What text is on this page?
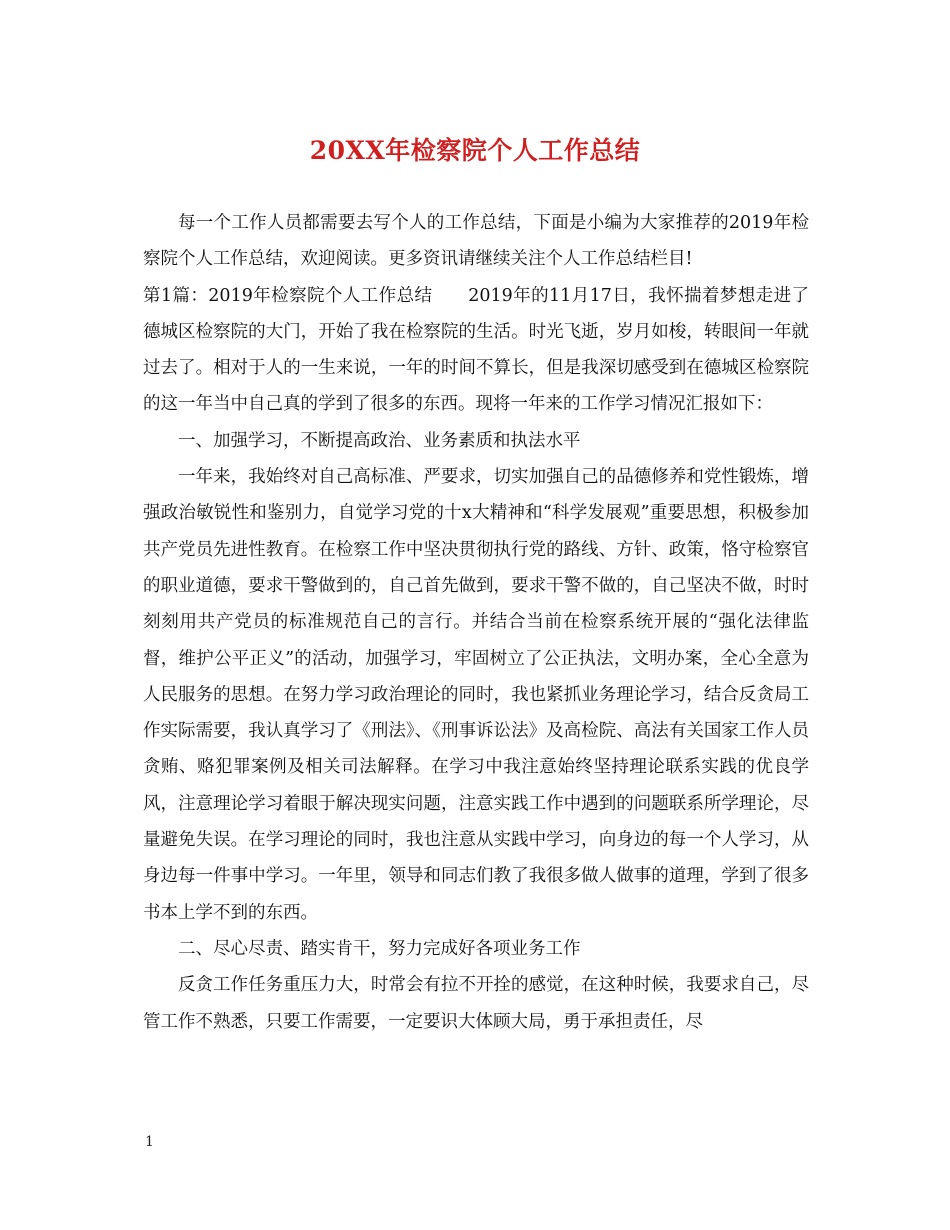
20XX年检察院个人工作总结

每一个工作人员都需要去写个人的工作总结，下面是小编为大家推荐的2019年检察院个人工作总结，欢迎阅读。更多资讯请继续关注个人工作总结栏目!

第1篇：2019年检察院个人工作总结　　2019年的11月17日，我怀揣着梦想走进了德城区检察院的大门，开始了我在检察院的生活。时光飞逝，岁月如梭，转眼间一年就过去了。相对于人的一生来说，一年的时间不算长，但是我深切感受到在德城区检察院的这一年当中自己真的学到了很多的东西。现将一年来的工作学习情况汇报如下：

一、加强学习，不断提高政治、业务素质和执法水平

一年来，我始终对自己高标准、严要求，切实加强自己的品德修养和党性锻炼，增强政治敏锐性和鉴别力，自觉学习党的十x大精神和“科学发展观”重要思想，积极参加共产党员先进性教育。在检察工作中坚决贯彻执行党的路线、方针、政策，恪守检察官的职业道德，要求干警做到的，自己首先做到，要求干警不做的，自己坚决不做，时时刻刻用共产党员的标准规范自己的言行。并结合当前在检察系统开展的“强化法律监督，维护公平正义”的活动，加强学习，牢固树立了公正执法，文明办案，全心全意为人民服务的思想。在努力学习政治理论的同时，我也紧抓业务理论学习，结合反贪局工作实际需要，我认真学习了《刑法》、《刑事诉讼法》及高检院、高法有关国家工作人员贪贿、赂犯罪案例及相关司法解释。在学习中我注意始终坚持理论联系实践的优良学风，注意理论学习着眼于解决现实问题，注意实践工作中遇到的问题联系所学理论，尽量避免失误。在学习理论的同时，我也注意从实践中学习，向身边的每一个人学习，从身边每一件事中学习。一年里，领导和同志们教了我很多做人做事的道理，学到了很多书本上学不到的东西。

二、尽心尽责、踏实肯干，努力完成好各项业务工作

反贪工作任务重压力大，时常会有拉不开拴的感觉，在这种时候，我要求自己，尽管工作不熟悉，只要工作需要，一定要识大体顾大局，勇于承担责任，尽

1
